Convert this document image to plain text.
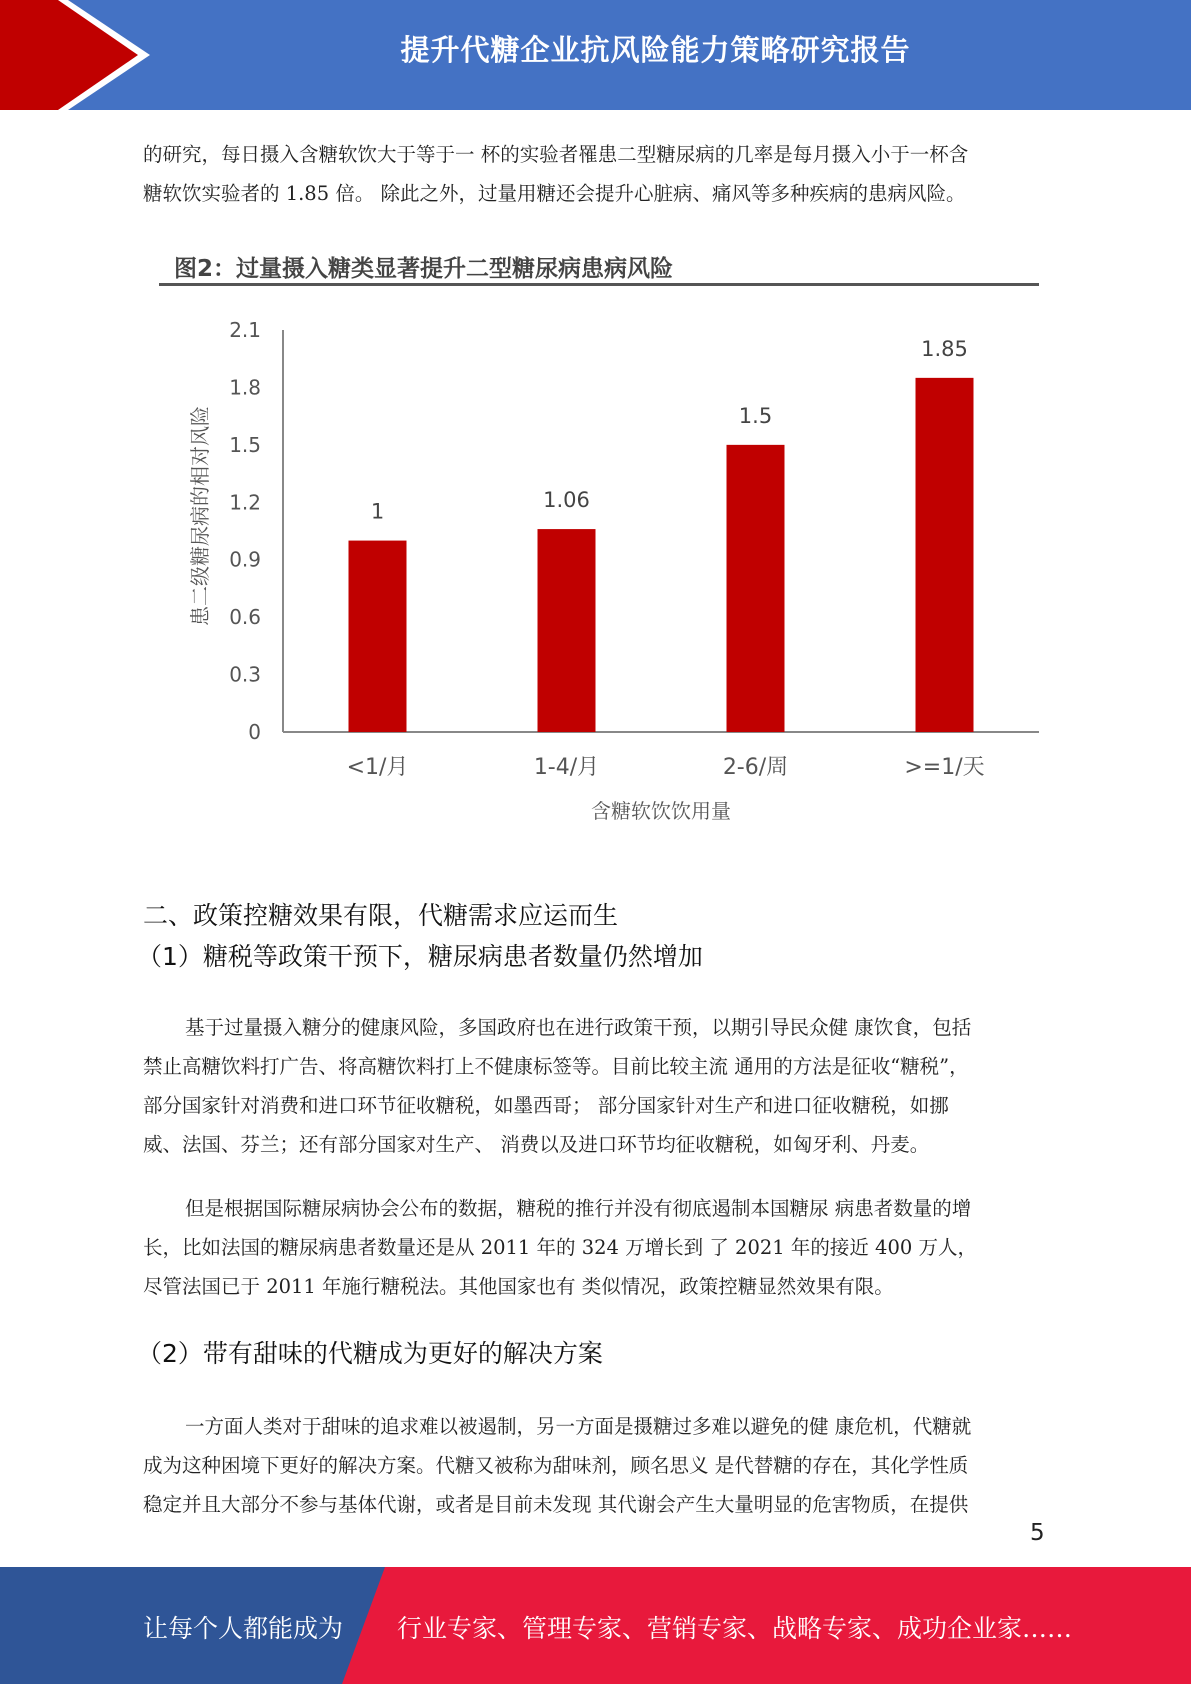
提升代糖企业抗风险能力策略研究报告

的研究，每日摄入含糖软饮大于等于一 杯的实验者罹患二型糖尿病的几率是每月摄入小于一杯含

糖软饮实验者的 1.85 倍。 除此之外，过量用糖还会提升心脏病、痛风等多种疾病的患病风险。

图2：过量摄入糖类显著提升二型糖尿病患病风险
0
0.3
0.6
0.9
1.2
1.5
1.8
2.1
1
<1/月
1.06
1-4/月
1.5
2-6/周
1.85
>=1/天
含糖软饮饮用量
患二级糖尿病的相对风险
二、政策控糖效果有限，代糖需求应运而生
（1）糖税等政策干预下，糖尿病患者数量仍然增加

基于过量摄入糖分的健康风险，多国政府也在进行政策干预，以期引导民众健 康饮食，包括

禁止高糖饮料打广告、将高糖饮料打上不健康标签等。目前比较主流 通用的方法是征收“糖税”，

部分国家针对消费和进口环节征收糖税，如墨西哥； 部分国家针对生产和进口征收糖税，如挪

威、法国、芬兰；还有部分国家对生产、 消费以及进口环节均征收糖税，如匈牙利、丹麦。

但是根据国际糖尿病协会公布的数据，糖税的推行并没有彻底遏制本国糖尿 病患者数量的增

长，比如法国的糖尿病患者数量还是从 2011 年的 324 万增长到 了 2021 年的接近 400 万人，

尽管法国已于 2011 年施行糖税法。其他国家也有 类似情况，政策控糖显然效果有限。

（2）带有甜味的代糖成为更好的解决方案

一方面人类对于甜味的追求难以被遏制，另一方面是摄糖过多难以避免的健 康危机，代糖就

成为这种困境下更好的解决方案。代糖又被称为甜味剂，顾名思义 是代替糖的存在，其化学性质

稳定并且大部分不参与基体代谢，或者是目前未发现 其代谢会产生大量明显的危害物质，在提供

5
让每个人都能成为 行业专家、管理专家、营销专家、战略专家、成功企业家……
